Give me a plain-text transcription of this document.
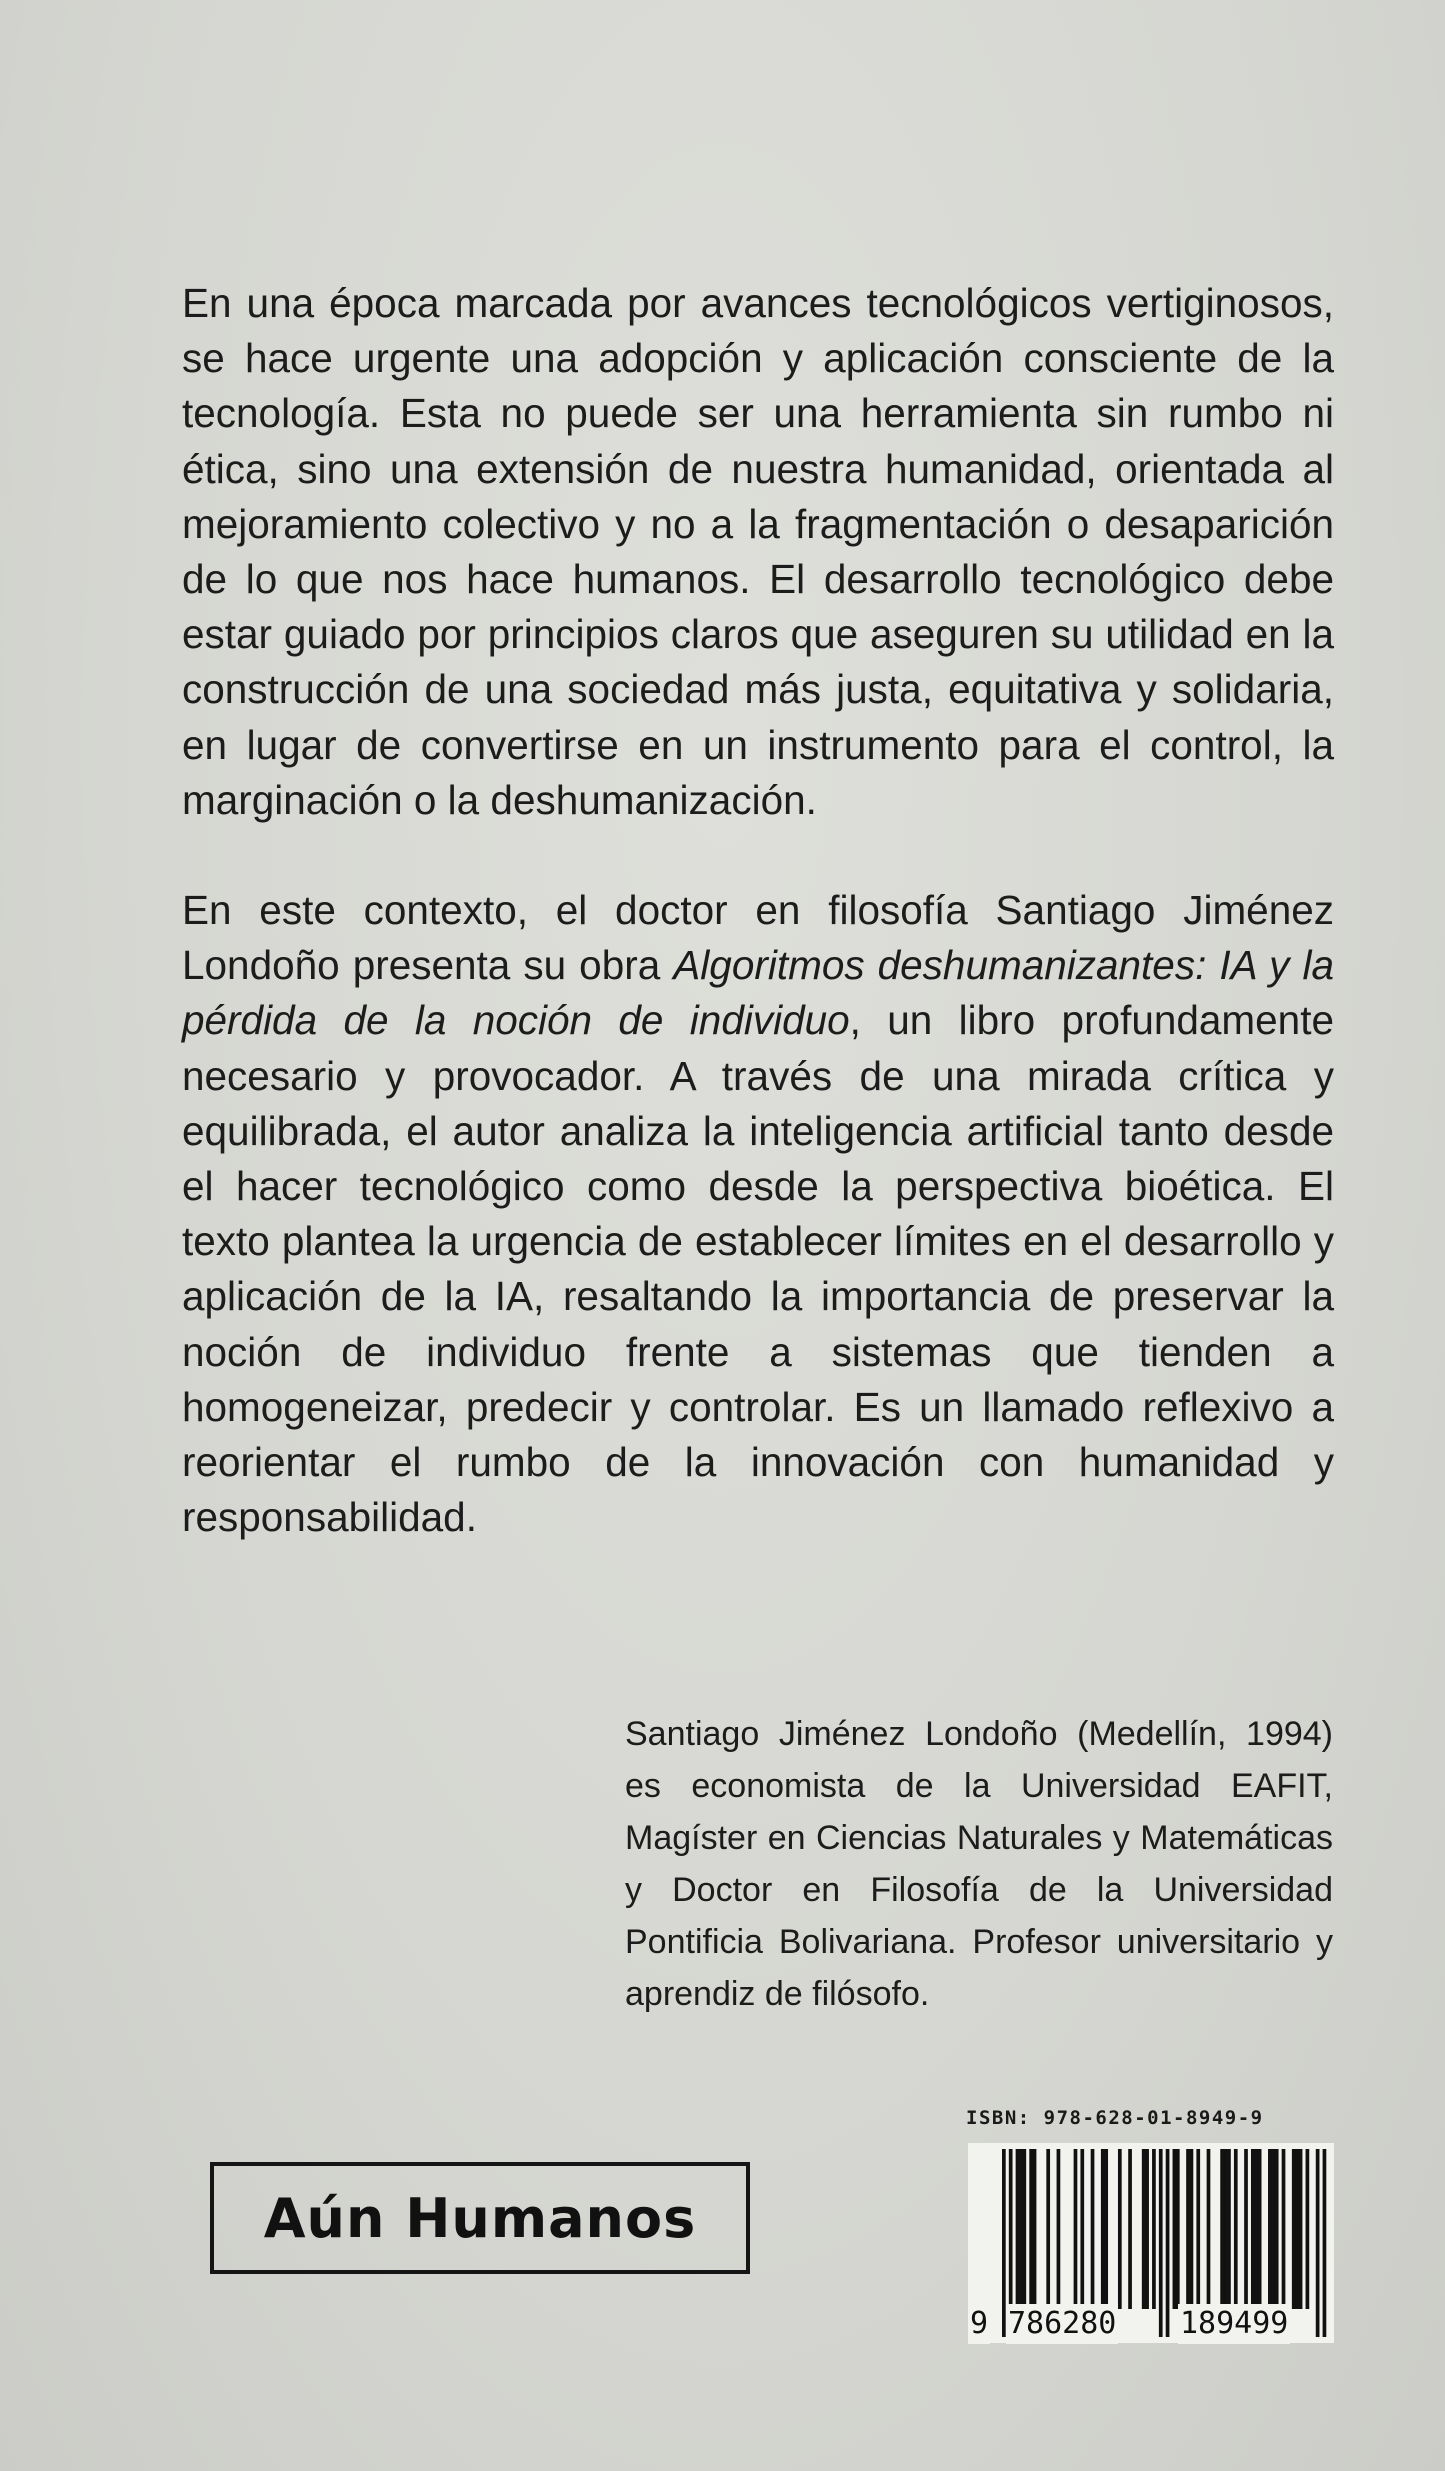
En una época marcada por avances tecnológicos vertiginosos, se hace urgente una adopción y aplicación consciente de la tecnología. Esta no puede ser una herramienta sin rumbo ni ética, sino una extensión de nuestra humanidad, orientada al mejoramiento colectivo y no a la fragmentación o desaparición de lo que nos hace humanos. El desarrollo tecnológico debe estar guiado por principios claros que aseguren su utilidad en la construcción de una sociedad más justa, equitativa y solidaria, en lugar de convertirse en un instrumento para el control, la marginación o la deshumanización.

En este contexto, el doctor en filosofía Santiago Jiménez Londoño presenta su obra Algoritmos deshumanizantes: IA y la pérdida de la noción de individuo, un libro profundamente necesario y provocador. A través de una mirada crítica y equilibrada, el autor analiza la inteligencia artificial tanto desde el hacer tecnológico como desde la perspectiva bioética. El texto plantea la urgencia de establecer límites en el desarrollo y aplicación de la IA, resaltando la importancia de preservar la noción de individuo frente a sistemas que tienden a homogeneizar, predecir y controlar. Es un llamado reflexivo a reorientar el rumbo de la innovación con humanidad y responsabilidad.

Santiago Jiménez Londoño (Medellín, 1994) es economista de la Universidad EAFIT, Magíster en Ciencias Naturales y Matemáticas y Doctor en Filosofía de la Universidad Pontificia Bolivariana. Profesor universitario y aprendiz de filósofo.

Aún Humanos
ISBN: 978-628-01-8949-9
9 786280 189499
